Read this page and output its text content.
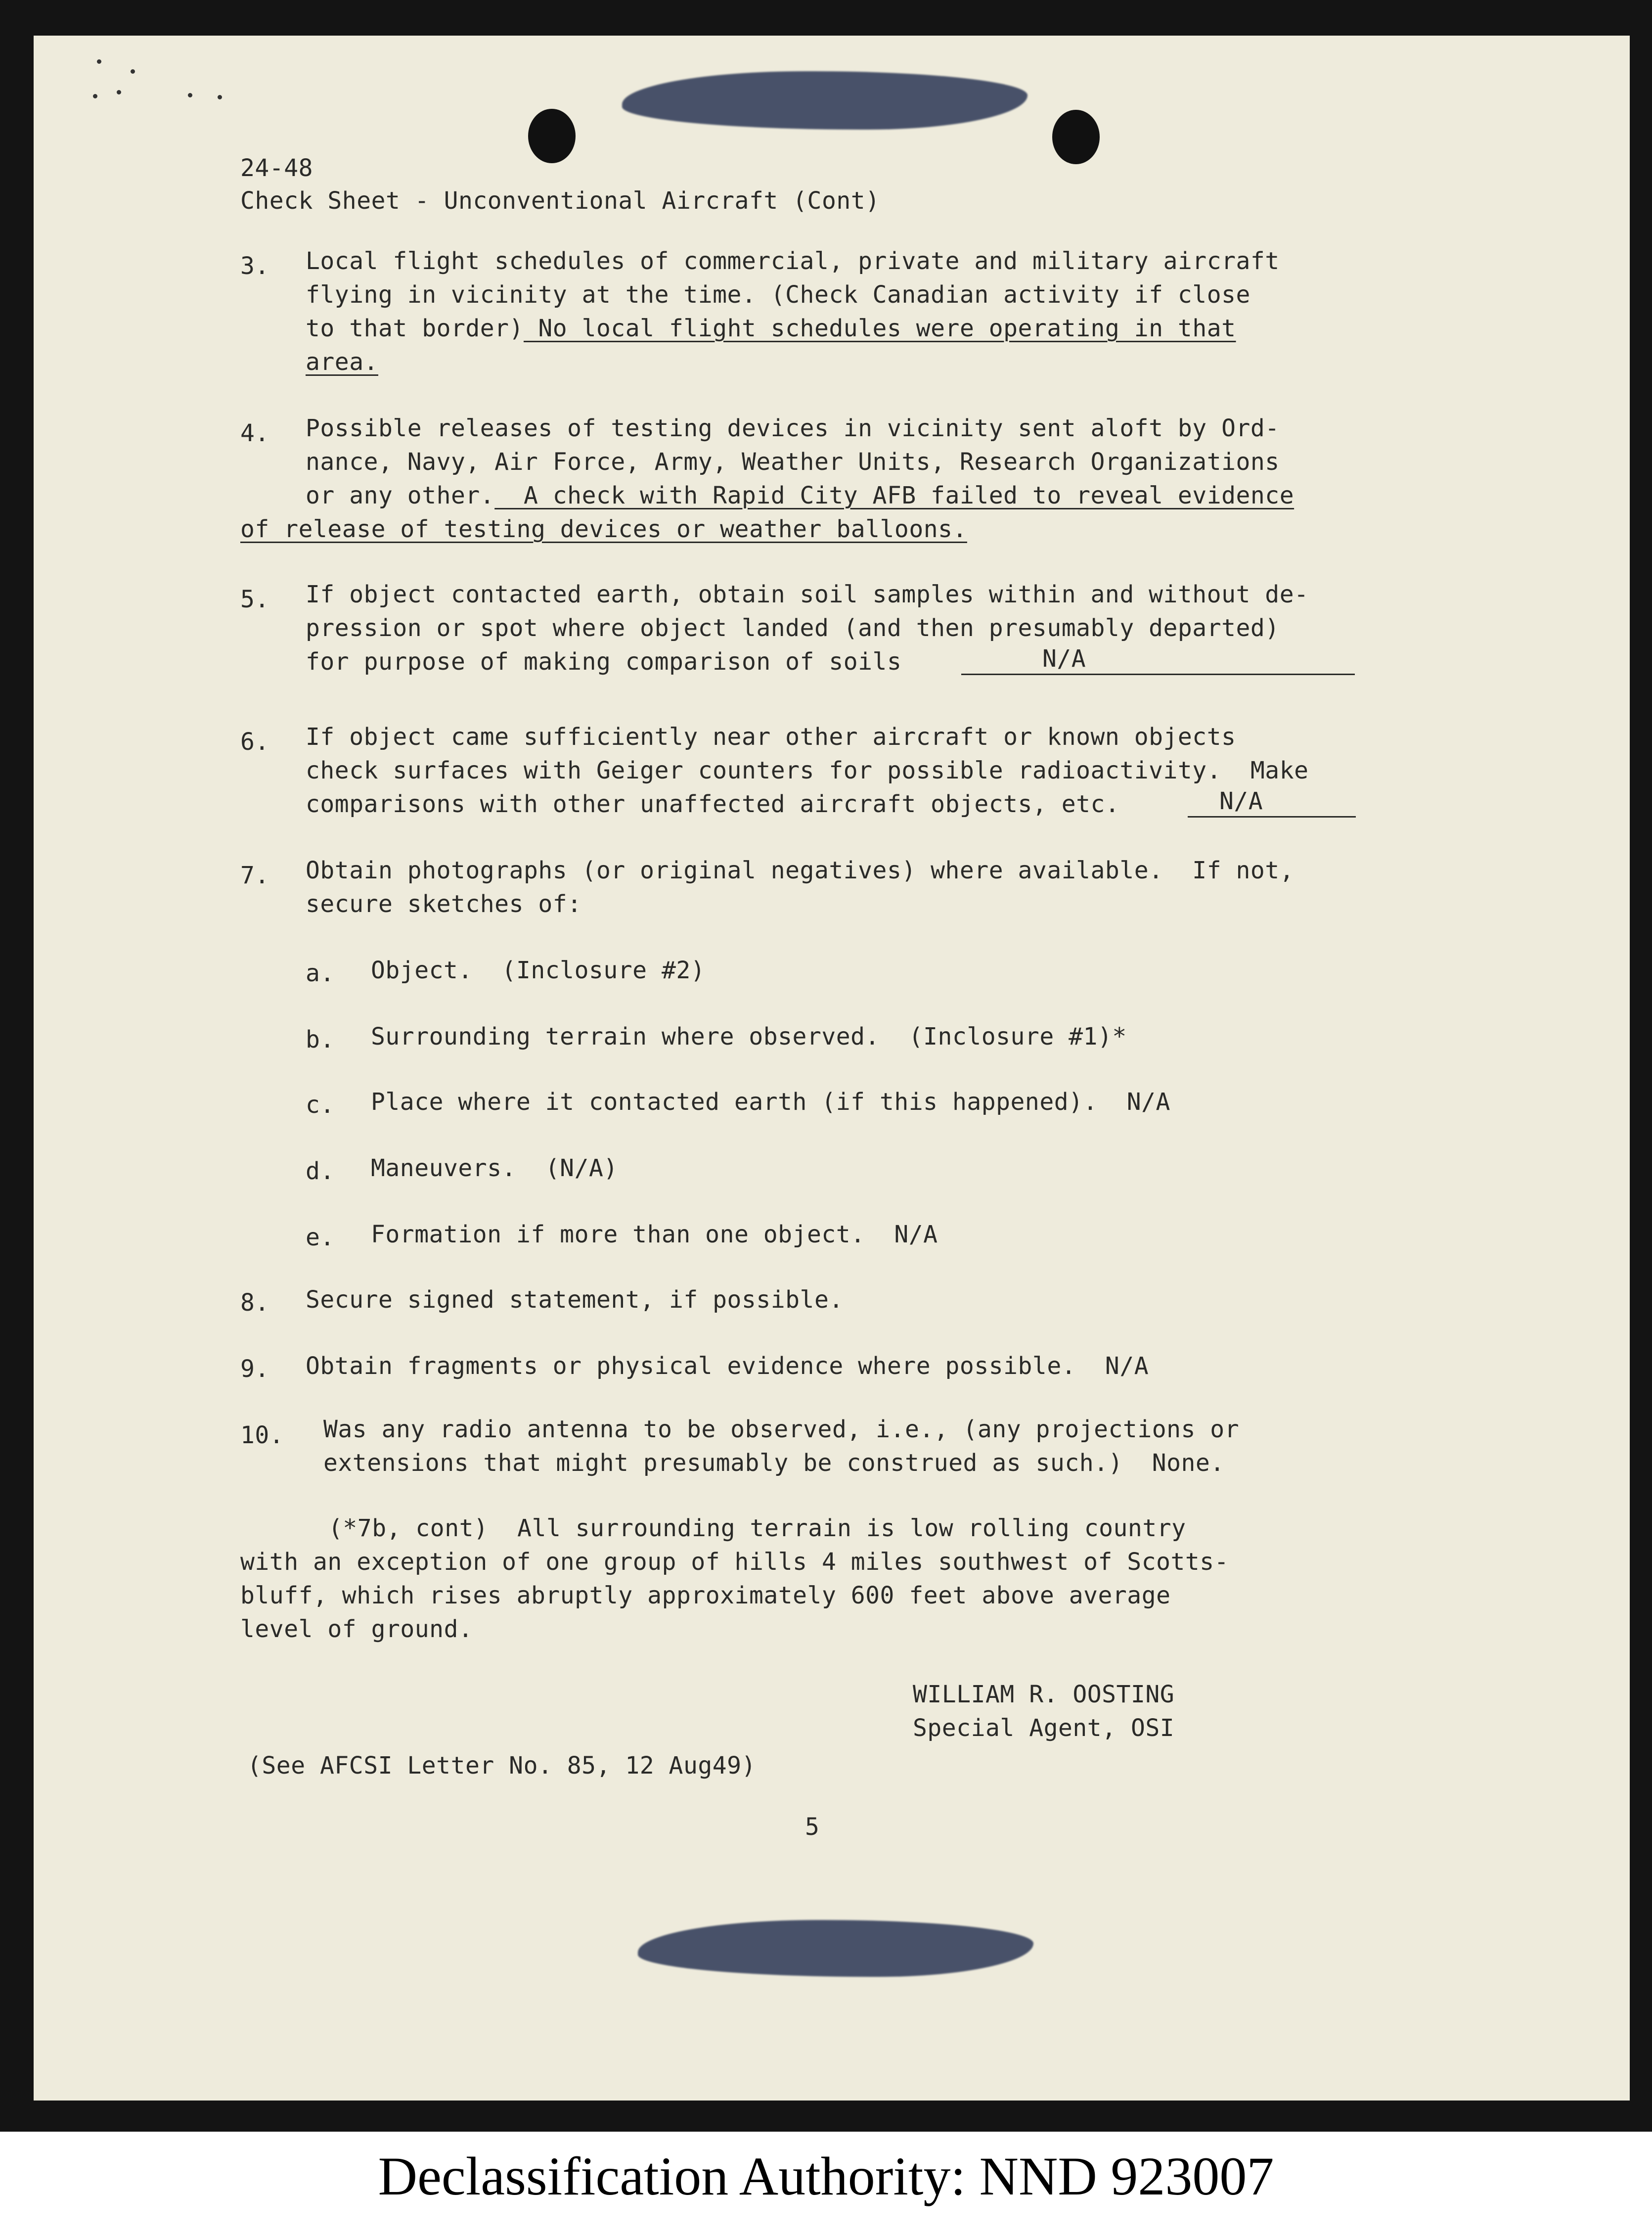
24-48

Check Sheet - Unconventional Aircraft (Cont)

3. Local flight schedules of commercial, private and military aircraft

flying in vicinity at the time. (Check Canadian activity if close

to that border) No local flight schedules were operating in that

area.

4. Possible releases of testing devices in vicinity sent aloft by Ord-

nance, Navy, Air Force, Army, Weather Units, Research Organizations

or any other.  A check with Rapid City AFB failed to reveal evidence

of release of testing devices or weather balloons.

5. If object contacted earth, obtain soil samples within and without de-

pression or spot where object landed (and then presumably departed)

for purpose of making comparison of soils	N/A

6. If object came sufficiently near other aircraft or known objects

check surfaces with Geiger counters for possible radioactivity.  Make

comparisons with other unaffected aircraft objects, etc.	N/A

7. Obtain photographs (or original negatives) where available.  If not,

secure sketches of:

a. Object.  (Inclosure #2)

b. Surrounding terrain where observed.  (Inclosure #1)*

c. Place where it contacted earth (if this happened).  N/A

d. Maneuvers.  (N/A)

e. Formation if more than one object.  N/A

8. Secure signed statement, if possible.

9. Obtain fragments or physical evidence where possible.  N/A

10. Was any radio antenna to be observed, i.e., (any projections or

extensions that might presumably be construed as such.)  None.

(*7b, cont)  All surrounding terrain is low rolling country

with an exception of one group of hills 4 miles southwest of Scotts-

bluff, which rises abruptly approximately 600 feet above average

level of ground.

WILLIAM R. OOSTING

Special Agent, OSI

(See AFCSI Letter No. 85, 12 Aug49)

5

Declassification Authority: NND 923007
